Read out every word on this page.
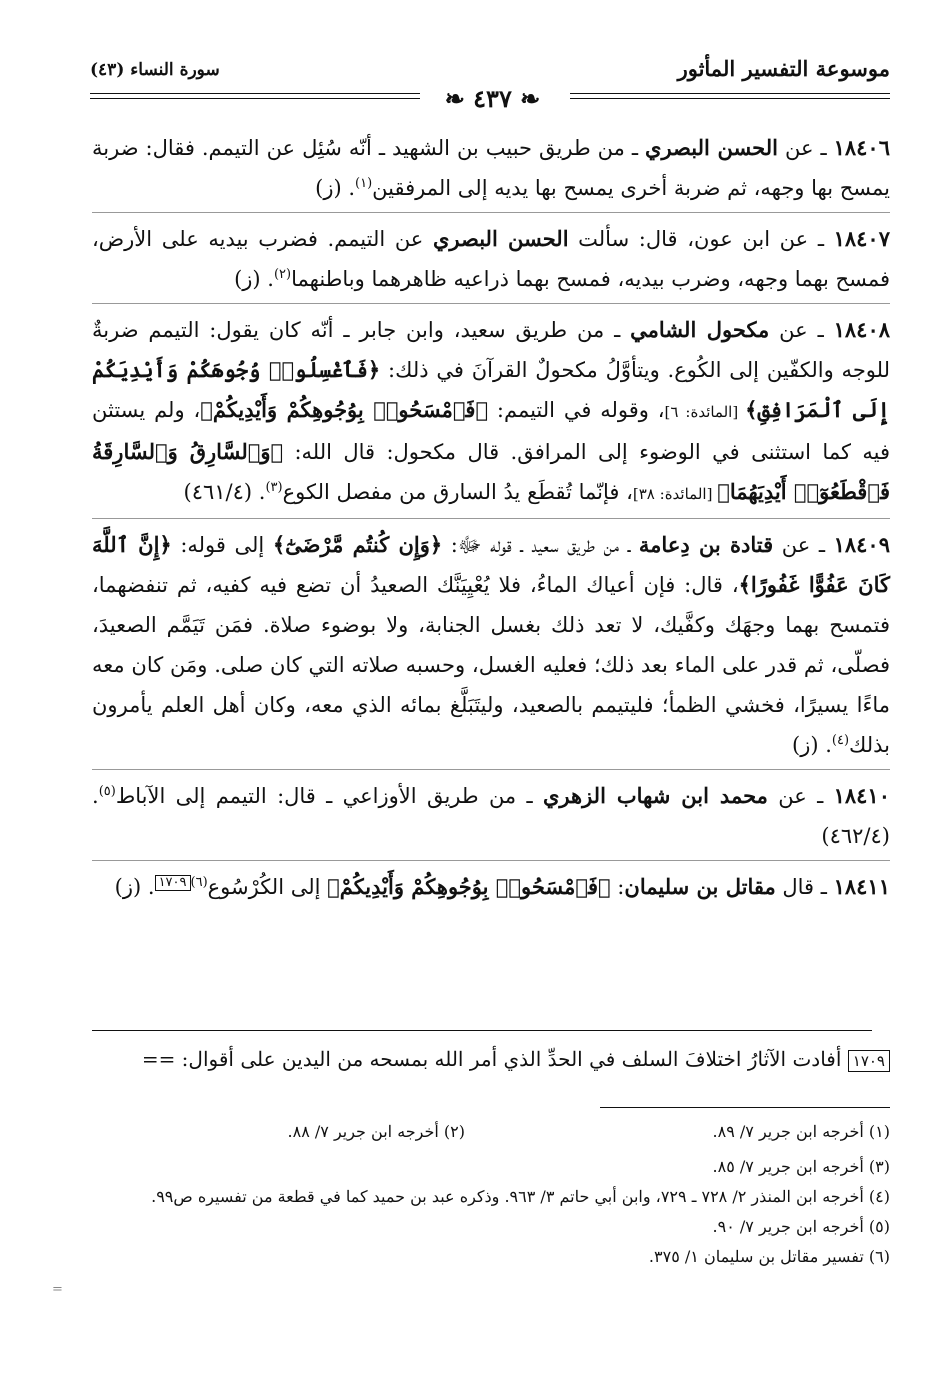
موسوعة التفسير المأثور
سورة النساء (٤٣)
❧ ٤٣٧ ❧

١٨٤٠٦ ـ عن الحسن البصري ـ من طريق حبيب بن الشهيد ـ أنّه سُئِل عن التيمم. فقال: ضربة يمسح بها وجهه، ثم ضربة أخرى يمسح بها يديه إلى المرفقين$^{(١)}$. (ز)

١٨٤٠٧ ـ عن ابن عون، قال: سألت الحسن البصري عن التيمم. فضرب بيديه على الأرض، فمسح بهما وجهه، وضرب بيديه، فمسح بهما ذراعيه ظاهرهما وباطنهما$^{(٢)}$. (ز)

١٨٤٠٨ ـ عن مكحول الشامي ـ من طريق سعيد، وابن جابر ـ أنّه كان يقول: التيمم ضربةٌ للوجه والكفّين إلى الكُوع. ويتأوَّلُ مكحولٌ القرآنَ في ذلك: ﴿فَٱغْسِلُوا۟ وُجُوهَكُمْ وَأَيْدِيَكُمْ إِلَى ٱلْمَرَافِقِ﴾ [المائدة: ٦]، وقوله في التيمم: ﴿فَٱمْسَحُوا۟ بِوُجُوهِكُمْ وَأَيْدِيكُمْ﴾، ولم يستثن فيه كما استثنى في الوضوء إلى المرافق. قال مكحول: قال الله: ﴿وَٱلسَّارِقُ وَٱلسَّارِقَةُ فَٱقْطَعُوٓا۟ أَيْدِيَهُمَا﴾ [المائدة: ٣٨]، فإنّما تُقطَع يدُ السارق من مفصل الكوع$^{(٣)}$. (٤٦١/٤)

١٨٤٠٩ ـ عن قتادة بن دِعامة ـ من طريق سعيد ـ قوله ﷻ: ﴿وَإِن كُنتُم مَّرْضَىٰٓ﴾ إلى قوله: ﴿إِنَّ ٱللَّهَ كَانَ عَفُوًّا غَفُورًا﴾، قال: فإن أعياك الماءُ، فلا يُعْيِيَنَّك الصعيدُ أن تضع فيه كفيه، ثم تنفضهما، فتمسح بهما وجهَك وكفَّيك، لا تعد ذلك بغسل الجنابة، ولا بوضوء صلاة. فمَن تَيَمَّم الصعيدَ، فصلّى، ثم قدر على الماء بعد ذلك؛ فعليه الغسل، وحسبه صلاته التي كان صلى. ومَن كان معه ماءًا يسيرًا، فخشي الظمأ؛ فليتيمم بالصعيد، وليتَبَلَّغ بمائه الذي معه، وكان أهل العلم يأمرون بذلك$^{(٤)}$. (ز)

١٨٤١٠ ـ عن محمد ابن شهاب الزهري ـ من طريق الأوزاعي ـ قال: التيمم إلى الآباط$^{(٥)}$. (٤٦٢/٤)

١٨٤١١ ـ قال مقاتل بن سليمان: ﴿فَٱمْسَحُوا۟ بِوُجُوهِكُمْ وَأَيْدِيكُمْ﴾ إلى الكُرْسُوع$^{(٦)}$١٧٠٩. (ز)

١٧٠٩ أفادت الآثارُ اختلافَ السلف في الحدِّ الذي أمر الله بمسحه من اليدين على أقوال: ==
(١) أخرجه ابن جرير ٧/ ٨٩.
(٢) أخرجه ابن جرير ٧/ ٨٨.

(٣) أخرجه ابن جرير ٧/ ٨٥.

(٤) أخرجه ابن المنذر ٢/ ٧٢٨ ـ ٧٢٩، وابن أبي حاتم ٣/ ٩٦٣. وذكره عبد بن حميد كما في قطعة من تفسيره ص٩٩.

(٥) أخرجه ابن جرير ٧/ ٩٠.

(٦) تفسير مقاتل بن سليمان ١/ ٣٧٥.

=
